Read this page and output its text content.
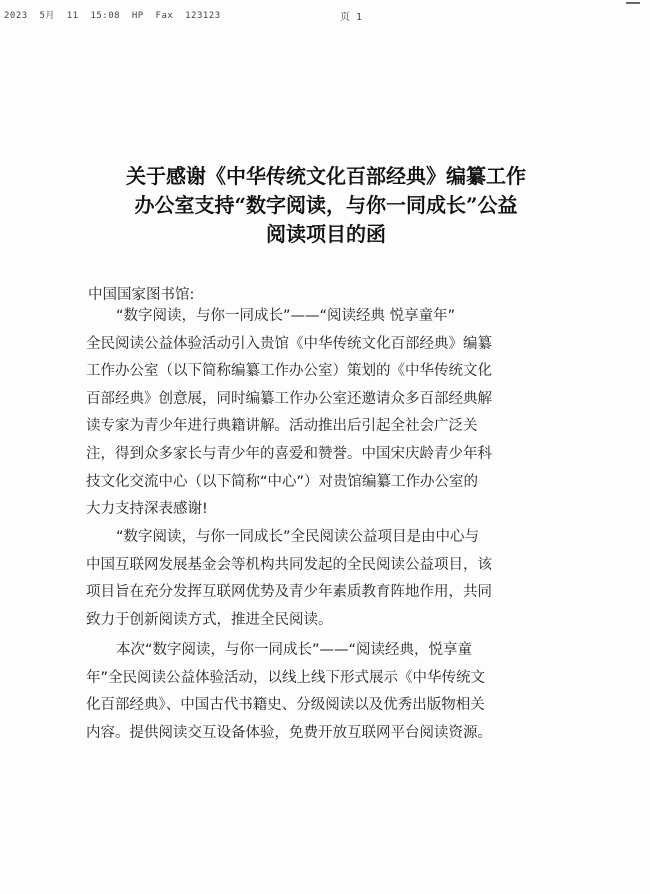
2023  5月  11  15:08  HP  Fax  123123	页 1
关于感谢《中华传统文化百部经典》编纂工作
办公室支持“数字阅读，与你一同成长”公益
阅读项目的函
中国国家图书馆:
“数字阅读，与你一同成长”——“阅读经典 悦享童年”
全民阅读公益体验活动引入贵馆《中华传统文化百部经典》编纂
工作办公室（以下简称编纂工作办公室）策划的《中华传统文化
百部经典》创意展，同时编纂工作办公室还邀请众多百部经典解
读专家为青少年进行典籍讲解。活动推出后引起全社会广泛关
注，得到众多家长与青少年的喜爱和赞誉。中国宋庆龄青少年科
技文化交流中心（以下简称“中心”）对贵馆编纂工作办公室的
大力支持深表感谢!
“数字阅读，与你一同成长”全民阅读公益项目是由中心与
中国互联网发展基金会等机构共同发起的全民阅读公益项目，该
项目旨在充分发挥互联网优势及青少年素质教育阵地作用，共同
致力于创新阅读方式，推进全民阅读。
本次“数字阅读，与你一同成长”——“阅读经典，悦享童
年”全民阅读公益体验活动，以线上线下形式展示《中华传统文
化百部经典》、中国古代书籍史、分级阅读以及优秀出版物相关
内容。提供阅读交互设备体验，免费开放互联网平台阅读资源。
